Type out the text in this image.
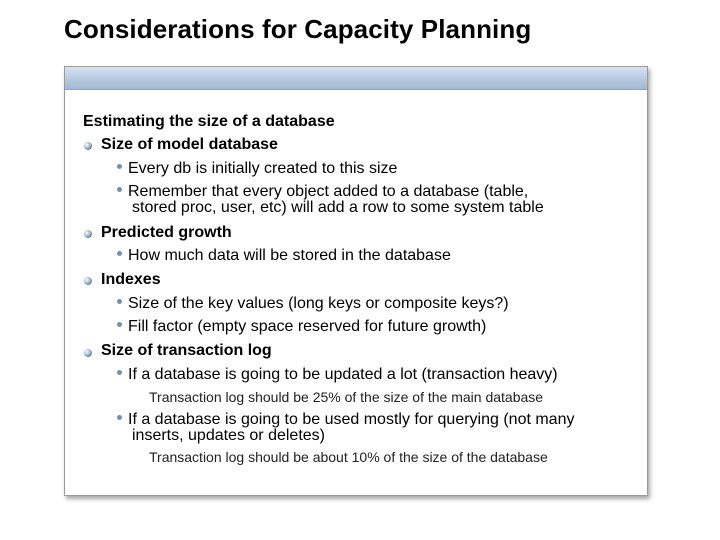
Considerations for Capacity Planning
Estimating the size of a database
Size of model database
Every db is initially created to this size
Remember that every object added to a database (table,
stored proc, user, etc) will add a row to some system table
Predicted growth
How much data will be stored in the database
Indexes
Size of the key values (long keys or composite keys?)
Fill factor (empty space reserved for future growth)
Size of transaction log
If a database is going to be updated a lot (transaction heavy)
Transaction log should be 25% of the size of the main database
If a database is going to be used mostly for querying (not many
inserts, updates or deletes)
Transaction log should be about 10% of the size of the database
